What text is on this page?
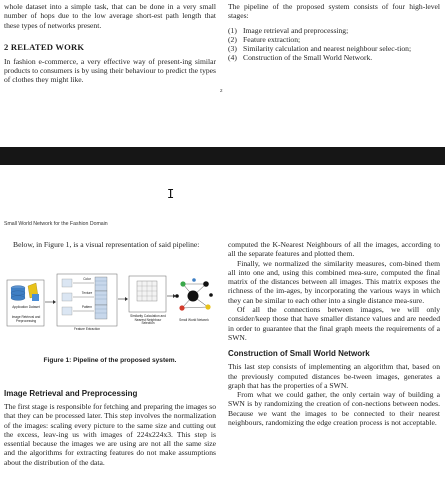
whole dataset into a simple task, that can be done in a very small number of hops due to the low average short-est path length that these types of networks present.

2 RELATED WORK

In fashion e-commerce, a very effective way of present-ing similar products to consumers is by using their behaviour to predict the types of clothes they might like.

The pipeline of the proposed system consists of four high-level stages:

(1) Image retrieval and preprocessing;
(2) Feature extraction;
(3) Similarity calculation and nearest neighbour selec-tion;
(4) Construction of the Small World Network.
2
I
Small World Network for the Fashion Domain

Below, in Figure 1, is a visual representation of said pipeline:

Application Dataset
Image Retrieval and Preprocessing
Color
Texture
Pattern
Feature Extraction
Similarity Calculation and Nearest Neighbour Selection
Small World Network
Figure 1: Pipeline of the proposed system.
Image Retrieval and Preprocessing

The first stage is responsible for fetching and preparing the images so that they can be processed later. This step involves the normalization of the images: scaling every picture to the same size and cutting out the excess, leav-ing us with images of 224x224x3. This step is essential because the images we are using are not all the same size and the algorithms for extracting features do not make assumptions about the distribution of the data.

computed the K-Nearest Neighbours of all the images, according to all the separate features and plotted them.

Finally, we normalized the similarity measures, com-bined them all into one and, using this combined mea-sure, computed the final matrix of the distances between all images. This matrix exposes the richness of the im-ages, by incorporating the various ways in which they can be similar to each other into a single distance mea-sure.

Of all the connections between images, we will only consider/keep those that have smaller distance values and are needed in order to guarantee that the final graph meets the requirements of a SWN.

Construction of Small World Network

This last step consists of implementing an algorithm that, based on the previously computed distances be-tween images, generates a graph that has the properties of a SWN.

From what we could gather, the only certain way of building a SWN is by randomizing the creation of con-nections between nodes. Because we want the images to be connected to their nearest neighbours, randomizing the edge creation process is not acceptable.
